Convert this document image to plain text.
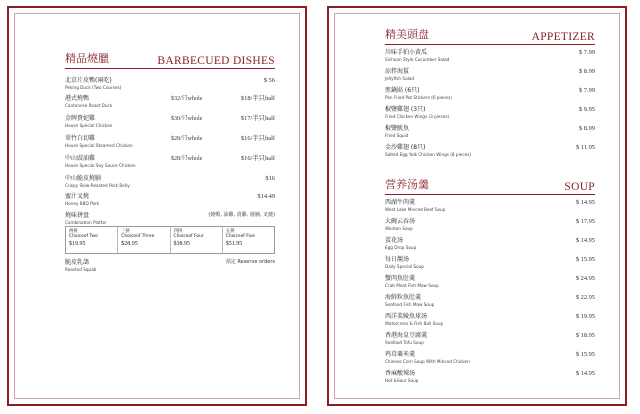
精品燒臘	BARBECUED DISHES
北京片皮鴨(兩吃)
Peking Duck (Two Courses)
$ 56
港式燒鴨
Cantonese Roast Duck
$32/只whole	$18/半只half
金牌貴妃雞
House Special Chicken
$30/只whole	$17/半只half
翠竹白切雞
House Special Steamed Chicken
$28/只whole	$16/半只half
中山豉油雞
House Special Soy Sauce Chicken
$28/只whole	$16/半只half
中山脆皮燒腩
Crispy Slow-Roasted Pork Belly
$16
蜜汁叉燒
Honey BBQ Pork
$14.49
燒味拼盘
Combination Platter
(燒鴨, 油雞, 貴雞, 燒腩, 叉燒)
两拼
Choiceof Two
$19.95
三拼
Choiceof Three
$28.95
四拼
Choiceof Four
$38.95
五拼
Choiceof Five
$51.95
脆皮乳鴿
Roasted Squab
預定 Reserve orders
精美頭盘	APPETIZER
川味手拍小黄瓜
Sichuan Style Cucumber Salad
$ 7.99
涼拌海蜇
Jellyfish Salad
$ 8.99
煎鍋貼 (6只)
Pan Fried Pot Stickers (6 pieces)
$ 7.99
椒鹽雞翅 (3只)
Fried Chicken Wings (3 pieces)
$ 9.95
椒鹽魷魚
Fried Squid
$ 8.99
金沙雞翅 (8只)
Salted Egg Yolk Chicken Wings (8 pieces)
$ 11.95
营养汤羹	SOUP
西湖牛肉羹
West Lake Minced Beef Soup
$ 14.95
大碗云吞汤
Wonton Soup
$ 17.95
蛋花汤
Egg Drop Soup
$ 14.95
每日靚汤
Daily Special Soup
$ 15.95
蟹肉魚肚羹
Crab Meat Fish Maw Soup
$ 24.95
海鮮粒魚肚羹
Seafood Fish Maw Soup
$ 22.95
西洋菜鲮魚球汤
Watercress & Fish Ball Soup
$ 19.95
香港海皇豆腐羹
Seafood Tofu Soup
$ 18.95
鸡茸粟米羹
Chinese Corn Soup With Minced Chicken
$ 15.95
香麻酸辣汤
Hot &Sour Soup
$ 14.95
